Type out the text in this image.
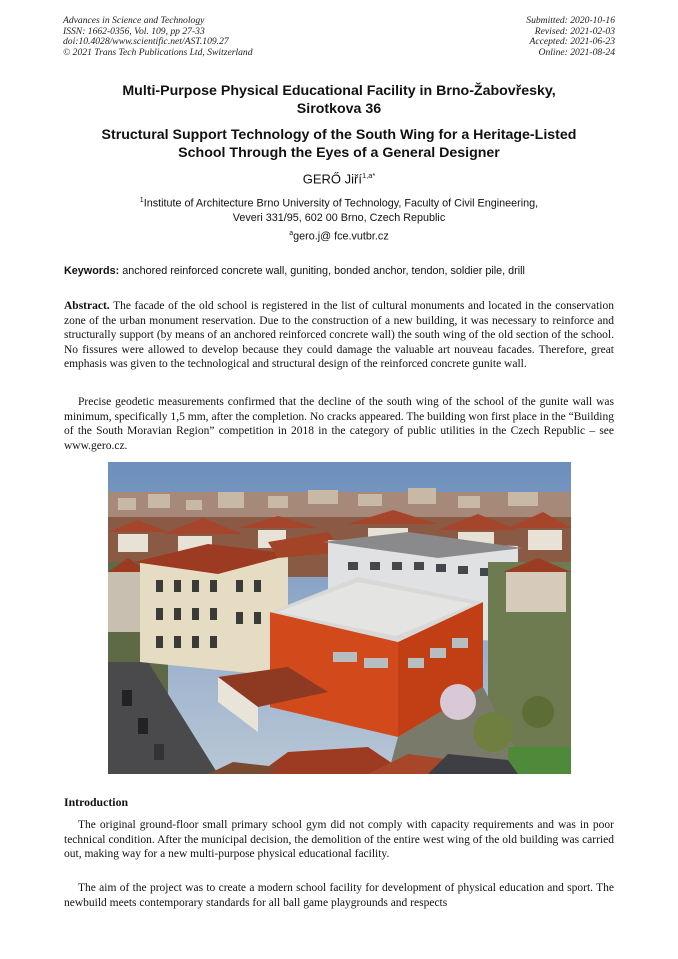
Advances in Science and Technology
ISSN: 1662-0356, Vol. 109, pp 27-33
doi:10.4028/www.scientific.net/AST.109.27
© 2021 Trans Tech Publications Ltd, Switzerland
Submitted: 2020-10-16
Revised: 2021-02-03
Accepted: 2021-06-23
Online: 2021-08-24
Multi-Purpose Physical Educational Facility in Brno-Žabovřesky,
Sirotkova 36
Structural Support Technology of the South Wing for a Heritage-Listed
School Through the Eyes of a General Designer
GERŐ Jiří$^{1,a*}$
$^1$Institute of Architecture Brno University of Technology, Faculty of Civil Engineering,
Veveri 331/95, 602 00 Brno, Czech Republic
$^a$gero.j@ fce.vutbr.cz
Keywords: anchored reinforced concrete wall, guniting, bonded anchor, tendon, soldier pile, drill
Abstract. The facade of the old school is registered in the list of cultural monuments and located in the conservation zone of the urban monument reservation. Due to the construction of a new building, it was necessary to reinforce and structurally support (by means of an anchored reinforced concrete wall) the south wing of the old section of the school. No fissures were allowed to develop because they could damage the valuable art nouveau facades. Therefore, great emphasis was given to the technological and structural design of the reinforced concrete gunite wall.
Precise geodetic measurements confirmed that the decline of the south wing of the school of the gunite wall was minimum, specifically 1,5 mm, after the completion. No cracks appeared. The building won first place in the “Building of the South Moravian Region” competition in 2018 in the category of public utilities in the Czech Republic – see www.gero.cz.
Introduction
The original ground-floor small primary school gym did not comply with capacity requirements and was in poor technical condition. After the municipal decision, the demolition of the entire west wing of the old building was carried out, making way for a new multi-purpose physical educational facility.
The aim of the project was to create a modern school facility for development of physical education and sport. The newbuild meets contemporary standards for all ball game playgrounds and respects
